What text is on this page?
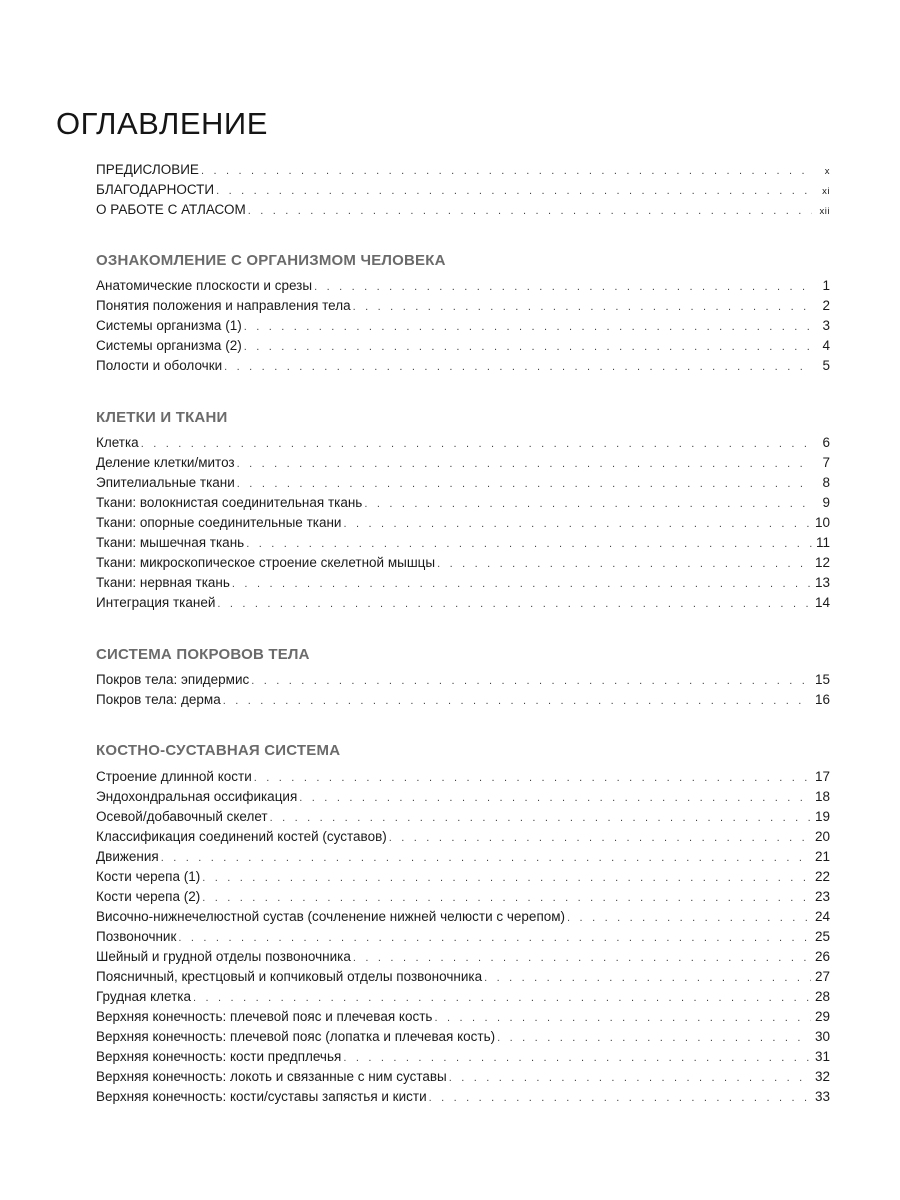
ОГЛАВЛЕНИЕ
ПРЕДИСЛОВИЕ . . .	x
БЛАГОДАРНОСТИ . . .	xi
О РАБОТЕ С АТЛАСОМ . . .	xii
ОЗНАКОМЛЕНИЕ С ОРГАНИЗМОМ ЧЕЛОВЕКА
Анатомические плоскости и срезы . . .	1
Понятия положения и направления тела . . .	2
Системы организма (1) . . .	3
Системы организма (2) . . .	4
Полости и оболочки . . .	5
КЛЕТКИ И ТКАНИ
Клетка . . .	6
Деление клетки/митоз . . .	7
Эпителиальные ткани . . .	8
Ткани: волокнистая соединительная ткань . . .	9
Ткани: опорные соединительные ткани . . .	10
Ткани: мышечная ткань . . .	11
Ткани: микроскопическое строение скелетной мышцы . . .	12
Ткани: нервная ткань . . .	13
Интеграция тканей . . .	14
СИСТЕМА ПОКРОВОВ ТЕЛА
Покров тела: эпидермис . . .	15
Покров тела: дерма . . .	16
КОСТНО-СУСТАВНАЯ СИСТЕМА
Строение длинной кости . . .	17
Эндохондральная оссификация . . .	18
Осевой/добавочный скелет . . .	19
Классификация соединений костей (суставов) . . .	20
Движения . . .	21
Кости черепа (1) . . .	22
Кости черепа (2) . . .	23
Височно-нижнечелюстной сустав (сочленение нижней челюсти с черепом) . . .	24
Позвоночник . . .	25
Шейный и грудной отделы позвоночника . . .	26
Поясничный, крестцовый и копчиковый отделы позвоночника . . .	27
Грудная клетка . . .	28
Верхняя конечность: плечевой пояс и плечевая кость . . .	29
Верхняя конечность: плечевой пояс (лопатка и плечевая кость) . . .	30
Верхняя конечность: кости предплечья . . .	31
Верхняя конечность: локоть и связанные с ним суставы . . .	32
Верхняя конечность: кости/суставы запястья и кисти . . .	33
